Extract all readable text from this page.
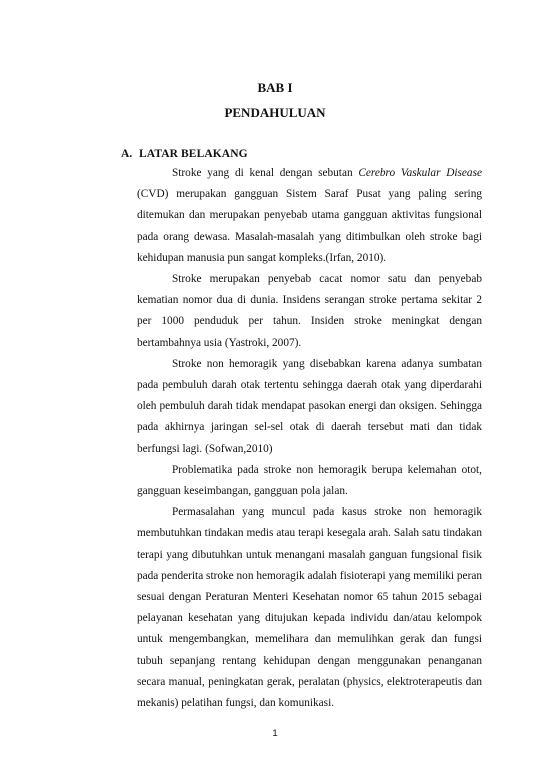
BAB I
PENDAHULUAN
A. LATAR BELAKANG

Stroke yang di kenal dengan sebutan Cerebro Vaskular Disease (CVD) merupakan gangguan Sistem Saraf Pusat yang paling sering ditemukan dan merupakan penyebab utama gangguan aktivitas fungsional pada orang dewasa. Masalah-masalah yang ditimbulkan oleh stroke bagi kehidupan manusia pun sangat kompleks.(Irfan, 2010).

Stroke merupakan penyebab cacat nomor satu dan penyebab kematian nomor dua di dunia. Insidens serangan stroke pertama sekitar 2 per 1000 penduduk per tahun. Insiden stroke meningkat dengan bertambahnya usia (Yastroki, 2007).

Stroke non hemoragik yang disebabkan karena adanya sumbatan pada pembuluh darah otak tertentu sehingga daerah otak yang diperdarahi oleh pembuluh darah tidak mendapat pasokan energi dan oksigen. Sehingga pada akhirnya jaringan sel-sel otak di daerah tersebut mati dan tidak berfungsi lagi. (Sofwan,2010)

Problematika pada stroke non hemoragik berupa kelemahan otot, gangguan keseimbangan, gangguan pola jalan.

Permasalahan yang muncul pada kasus stroke non hemoragik membutuhkan tindakan medis atau terapi kesegala arah. Salah satu tindakan terapi yang dibutuhkan untuk menangani masalah ganguan fungsional fisik pada penderita stroke non hemoragik adalah fisioterapi yang memiliki peran sesuai dengan Peraturan Menteri Kesehatan nomor 65 tahun 2015 sebagai pelayanan kesehatan yang ditujukan kepada individu dan/atau kelompok untuk mengembangkan, memelihara dan memulihkan gerak dan fungsi tubuh sepanjang rentang kehidupan dengan menggunakan penanganan secara manual, peningkatan gerak, peralatan (physics, elektroterapeutis dan mekanis) pelatihan fungsi, dan komunikasi.

1
